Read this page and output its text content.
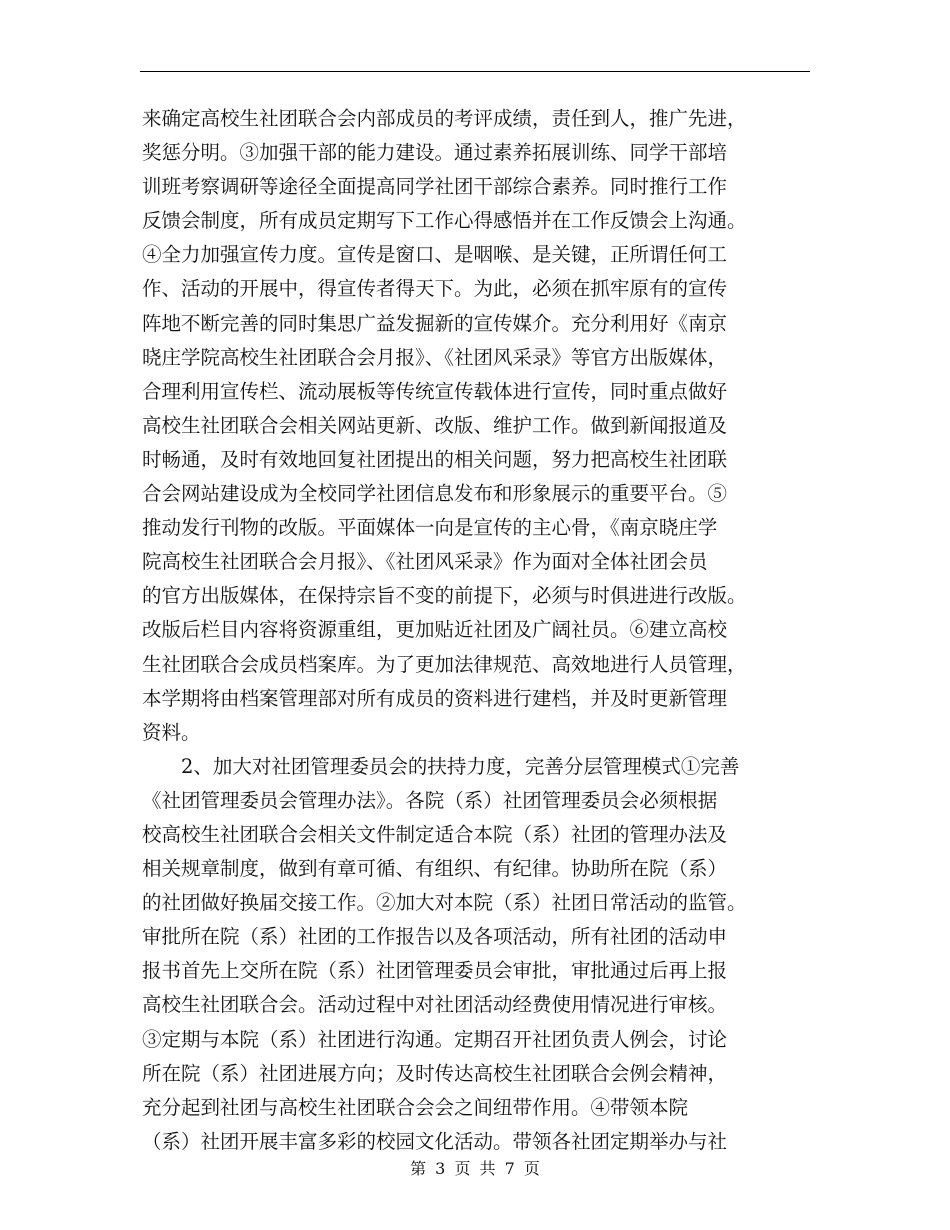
来确定高校生社团联合会内部成员的考评成绩，责任到人，推广先进，
奖惩分明。③加强干部的能力建设。通过素养拓展训练、同学干部培
训班考察调研等途径全面提高同学社团干部综合素养。同时推行工作
反馈会制度，所有成员定期写下工作心得感悟并在工作反馈会上沟通。
④全力加强宣传力度。宣传是窗口、是咽喉、是关键，正所谓任何工
作、活动的开展中，得宣传者得天下。为此，必须在抓牢原有的宣传
阵地不断完善的同时集思广益发掘新的宣传媒介。充分利用好《南京
晓庄学院高校生社团联合会月报》、《社团风采录》等官方出版媒体，
合理利用宣传栏、流动展板等传统宣传载体进行宣传，同时重点做好
高校生社团联合会相关网站更新、改版、维护工作。做到新闻报道及
时畅通，及时有效地回复社团提出的相关问题，努力把高校生社团联
合会网站建设成为全校同学社团信息发布和形象展示的重要平台。⑤
推动发行刊物的改版。平面媒体一向是宣传的主心骨，《南京晓庄学
院高校生社团联合会月报》、《社团风采录》作为面对全体社团会员
的官方出版媒体，在保持宗旨不变的前提下，必须与时俱进进行改版。
改版后栏目内容将资源重组，更加贴近社团及广阔社员。⑥建立高校
生社团联合会成员档案库。为了更加法律规范、高效地进行人员管理，
本学期将由档案管理部对所有成员的资料进行建档，并及时更新管理
资料。
2、加大对社团管理委员会的扶持力度，完善分层管理模式①完善
《社团管理委员会管理办法》。各院（系）社团管理委员会必须根据
校高校生社团联合会相关文件制定适合本院（系）社团的管理办法及
相关规章制度，做到有章可循、有组织、有纪律。协助所在院（系）
的社团做好换届交接工作。②加大对本院（系）社团日常活动的监管。
审批所在院（系）社团的工作报告以及各项活动，所有社团的活动申
报书首先上交所在院（系）社团管理委员会审批，审批通过后再上报
高校生社团联合会。活动过程中对社团活动经费使用情况进行审核。
③定期与本院（系）社团进行沟通。定期召开社团负责人例会，讨论
所在院（系）社团进展方向；及时传达高校生社团联合会例会精神，
充分起到社团与高校生社团联合会会之间纽带作用。④带领本院
（系）社团开展丰富多彩的校园文化活动。带领各社团定期举办与社
第 3 页 共 7 页
